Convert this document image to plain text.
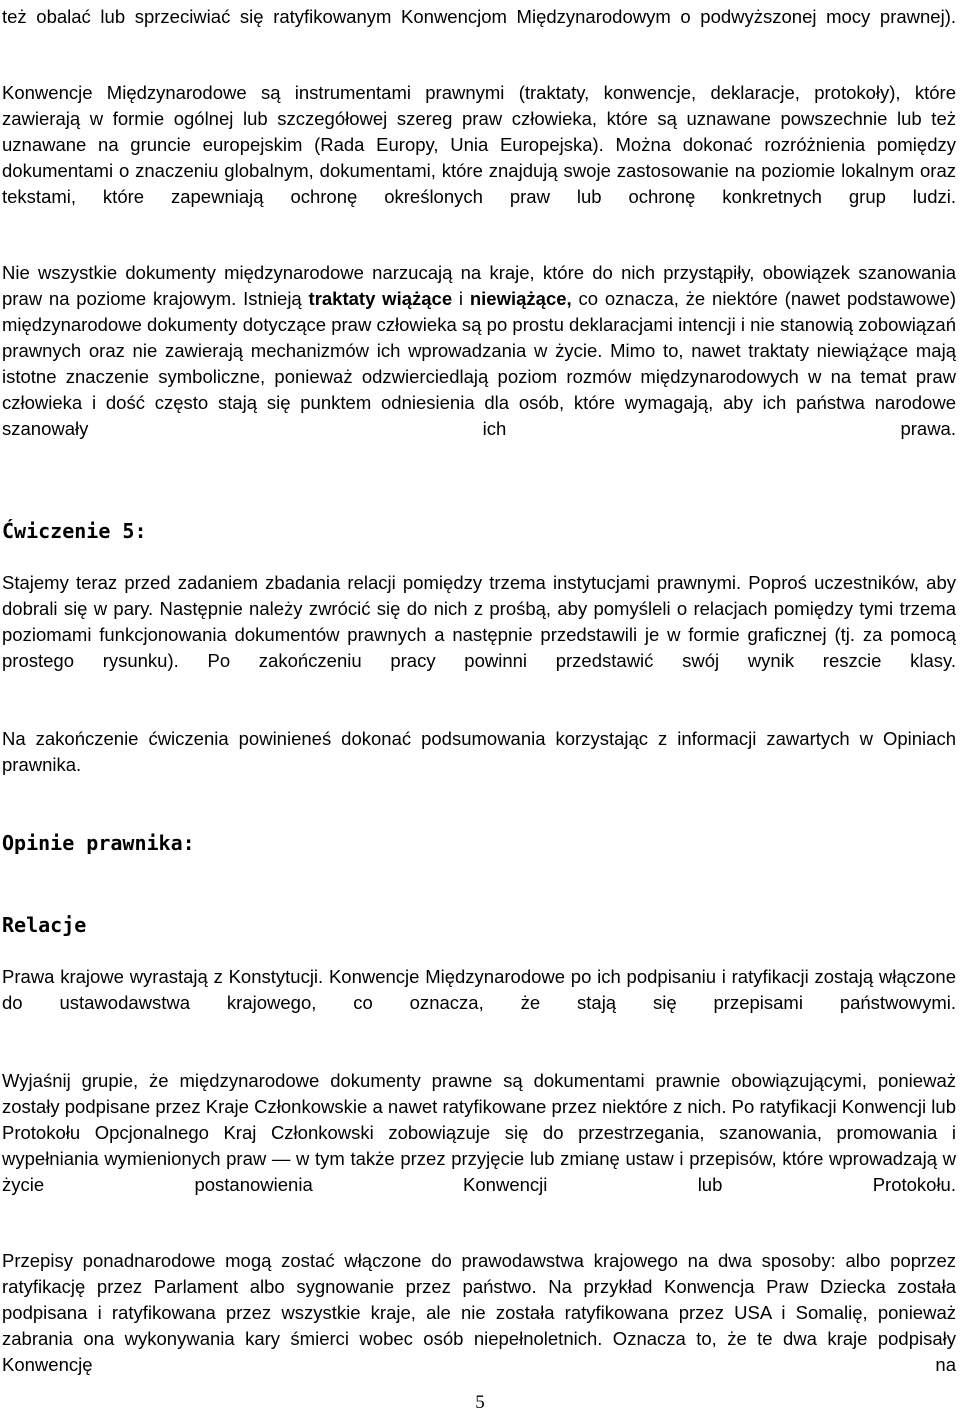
też obalać lub sprzeciwiać się ratyfikowanym Konwencjom Międzynarodowym o podwyższonej mocy prawnej).

Konwencje Międzynarodowe są instrumentami prawnymi (traktaty, konwencje, deklaracje, protokoły), które zawierają w formie ogólnej lub szczegółowej szereg praw człowieka, które są uznawane powszechnie lub też uznawane na gruncie europejskim (Rada Europy, Unia Europejska). Można dokonać rozróżnienia pomiędzy dokumentami o znaczeniu globalnym, dokumentami, które znajdują swoje zastosowanie na poziomie lokalnym oraz tekstami, które zapewniają ochronę określonych praw lub ochronę konkretnych grup ludzi.

Nie wszystkie dokumenty międzynarodowe narzucają na kraje, które do nich przystąpiły, obowiązek szanowania praw na poziome krajowym. Istnieją traktaty wiążące i niewiążące, co oznacza, że niektóre (nawet podstawowe) międzynarodowe dokumenty dotyczące praw człowieka są po prostu deklaracjami intencji i nie stanowią zobowiązań prawnych oraz nie zawierają mechanizmów ich wprowadzania w życie. Mimo to, nawet traktaty niewiążące mają istotne znaczenie symboliczne, ponieważ odzwierciedlają poziom rozmów międzynarodowych w na temat praw człowieka i dość często stają się punktem odniesienia dla osób, które wymagają, aby ich państwa narodowe szanowały ich prawa.

Ćwiczenie 5:

Stajemy teraz przed zadaniem zbadania relacji pomiędzy trzema instytucjami prawnymi. Poproś uczestników, aby dobrali się w pary. Następnie należy zwrócić się do nich z prośbą, aby pomyśleli o relacjach pomiędzy tymi trzema poziomami funkcjonowania dokumentów prawnych a następnie przedstawili je w formie graficznej (tj. za pomocą prostego rysunku). Po zakończeniu pracy powinni przedstawić swój wynik reszcie klasy.

Na zakończenie ćwiczenia powinieneś dokonać podsumowania korzystając z informacji zawartych w Opiniach prawnika.

Opinie prawnika:
Relacje

Prawa krajowe wyrastają z Konstytucji. Konwencje Międzynarodowe po ich podpisaniu i ratyfikacji zostają włączone do ustawodawstwa krajowego, co oznacza, że stają się przepisami państwowymi.

Wyjaśnij grupie, że międzynarodowe dokumenty prawne są dokumentami prawnie obowiązującymi, ponieważ zostały podpisane przez Kraje Członkowskie a nawet ratyfikowane przez niektóre z nich. Po ratyfikacji Konwencji lub Protokołu Opcjonalnego Kraj Członkowski zobowiązuje się do przestrzegania, szanowania, promowania i wypełniania wymienionych praw — w tym także przez przyjęcie lub zmianę ustaw i przepisów, które wprowadzają w życie postanowienia Konwencji lub Protokołu.

Przepisy ponadnarodowe mogą zostać włączone do prawodawstwa krajowego na dwa sposoby: albo poprzez ratyfikację przez Parlament albo sygnowanie przez państwo. Na przykład Konwencja Praw Dziecka została podpisana i ratyfikowana przez wszystkie kraje, ale nie została ratyfikowana przez USA i Somalię, ponieważ zabrania ona wykonywania kary śmierci wobec osób niepełnoletnich. Oznacza to, że te dwa kraje podpisały Konwencję na

5
